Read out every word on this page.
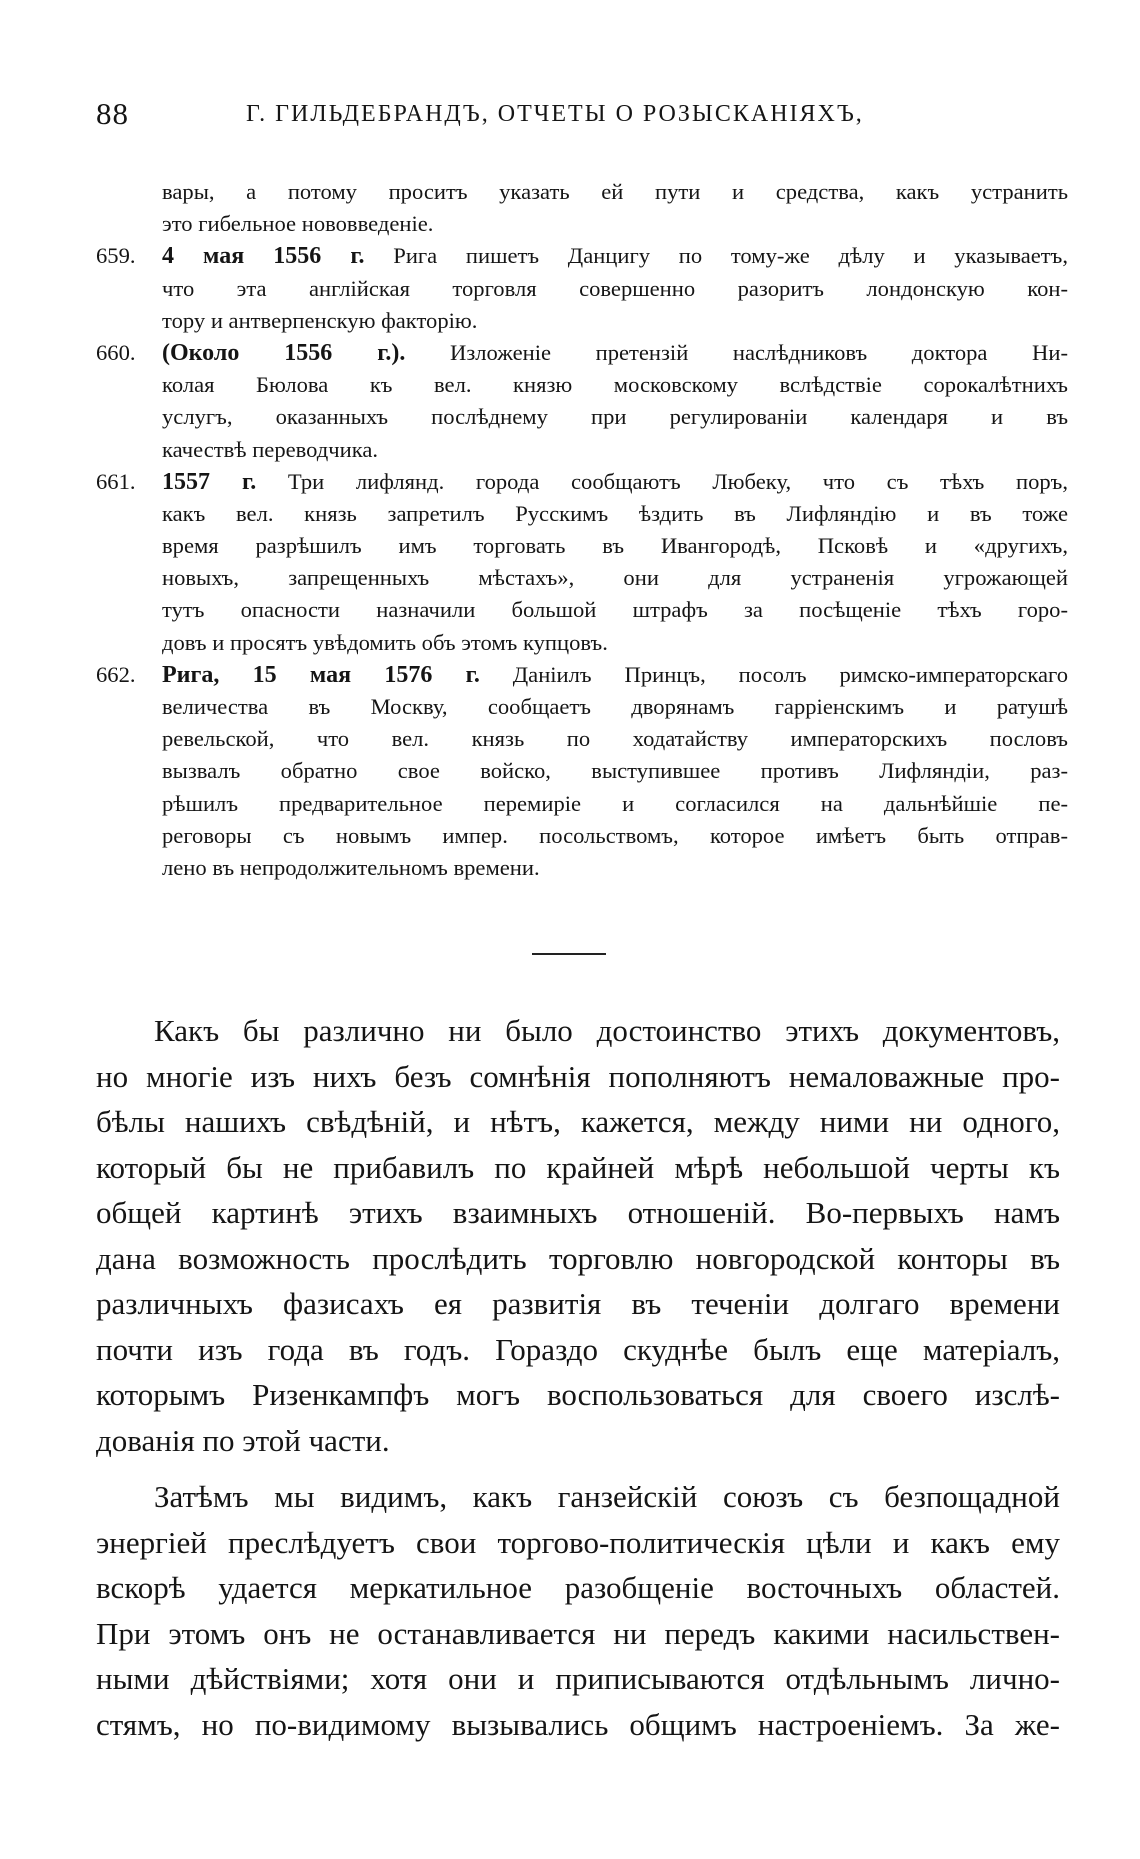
88	Г. ГИЛЬДЕБРАНДЪ, ОТЧЕТЫ О РОЗЫСКАНІЯХЪ,
вары, а потому проситъ указать ей пути и средства, какъ устранить
это гибельное нововведеніе.
659. 4 мая 1556 г. Рига пишетъ Данцигу по тому-же дѣлу и указываетъ,
что эта англійская торговля совершенно разоритъ лондонскую кон-
тору и антверпенскую факторію.
660. (Около 1556 г.). Изложеніе претензій наслѣдниковъ доктора Ни-
колая Бюлова къ вел. князю московскому вслѣдствіе сорокалѣтнихъ
услугъ, оказанныхъ послѣднему при регулированіи календаря и въ
качествѣ переводчика.
661. 1557 г. Три лифлянд. города сообщаютъ Любеку, что съ тѣхъ поръ,
какъ вел. князь запретилъ Русскимъ ѣздить въ Лифляндію и въ тоже
время разрѣшилъ имъ торговать въ Ивангородѣ, Псковѣ и «другихъ,
новыхъ, запрещенныхъ мѣстахъ», они для устраненія угрожающей
тутъ опасности назначили большой штрафъ за посѣщеніе тѣхъ горо-
довъ и просятъ увѣдомить объ этомъ купцовъ.
662. Рига, 15 мая 1576 г. Даніилъ Принцъ, посолъ римско-императорскаго
величества въ Москву, сообщаетъ дворянамъ гарріенскимъ и ратушѣ
ревельской, что вел. князь по ходатайству императорскихъ пословъ
вызвалъ обратно свое войско, выступившее противъ Лифляндіи, раз-
рѣшилъ предварительное перемиріе и согласился на дальнѣйшіе пе-
реговоры съ новымъ импер. посольствомъ, которое имѣетъ быть отправ-
лено въ непродолжительномъ времени.
Какъ бы различно ни было достоинство этихъ документовъ,
но многіе изъ нихъ безъ сомнѣнія пополняютъ немаловажные про-
бѣлы нашихъ свѣдѣній, и нѣтъ, кажется, между ними ни одного,
который бы не прибавилъ по крайней мѣрѣ небольшой черты къ
общей картинѣ этихъ взаимныхъ отношеній. Во-первыхъ намъ
дана возможность прослѣдить торговлю новгородской конторы въ
различныхъ фазисахъ ея развитія въ теченіи долгаго времени
почти изъ года въ годъ. Гораздо скуднѣе былъ еще матеріалъ,
которымъ Ризенкампфъ могъ воспользоваться для своего изслѣ-
дованія по этой части.
Затѣмъ мы видимъ, какъ ганзейскій союзъ съ безпощадной
энергіей преслѣдуетъ свои торгово-политическія цѣли и какъ ему
вскорѣ удается меркатильное разобщеніе восточныхъ областей.
При этомъ онъ не останавливается ни передъ какими насильствен-
ными дѣйствіями; хотя они и приписываются отдѣльнымъ лично-
стямъ, но по-видимому вызывались общимъ настроеніемъ. За же-
